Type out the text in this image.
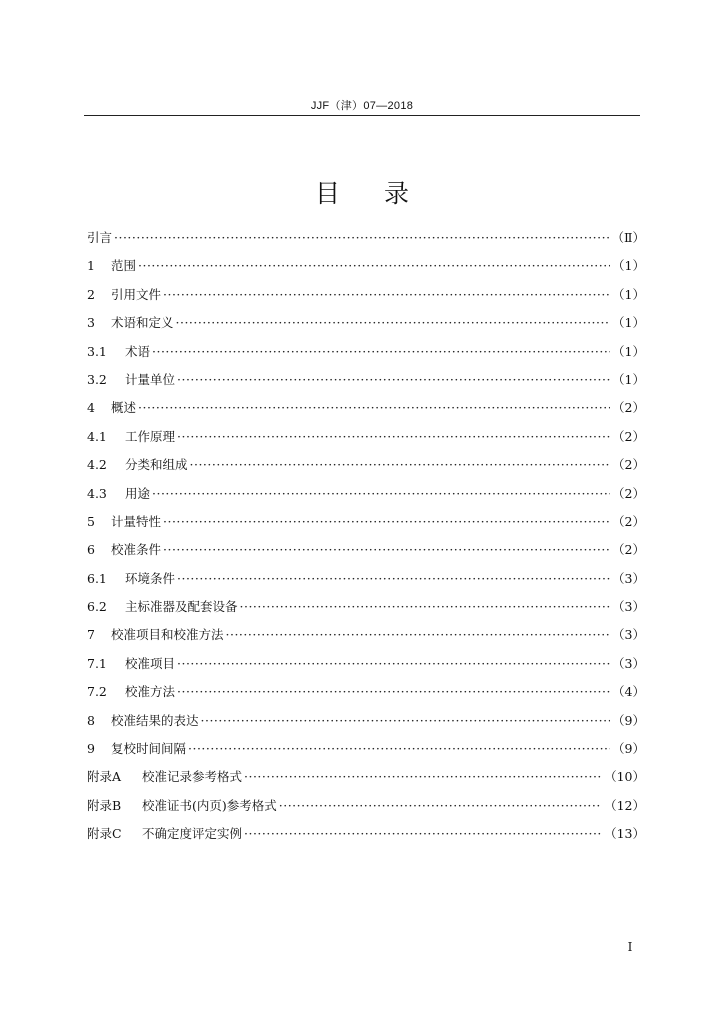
JJF（津）07—2018
目录
引言 ·····	（Ⅱ）
1	范围 ·····	（1）
2	引用文件 ·····	（1）
3	术语和定义 ·····	（1）
3.1	术语 ·····	（1）
3.2	计量单位 ·····	（1）
4	概述 ·····	（2）
4.1	工作原理 ·····	（2）
4.2	分类和组成 ·····	（2）
4.3	用途 ·····	（2）
5	计量特性 ·····	（2）
6	校准条件 ·····	（2）
6.1	环境条件 ·····	（3）
6.2	主标准器及配套设备 ·····	（3）
7	校准项目和校准方法 ·····	（3）
7.1	校准项目 ·····	（3）
7.2	校准方法 ·····	（4）
8	校准结果的表达 ·····	（9）
9	复校时间间隔 ·····	（9）
附录A	校准记录参考格式 ·····	（10）
附录B	校准证书(内页)参考格式 ·····	（12）
附录C	不确定度评定实例 ·····	（13）
I
